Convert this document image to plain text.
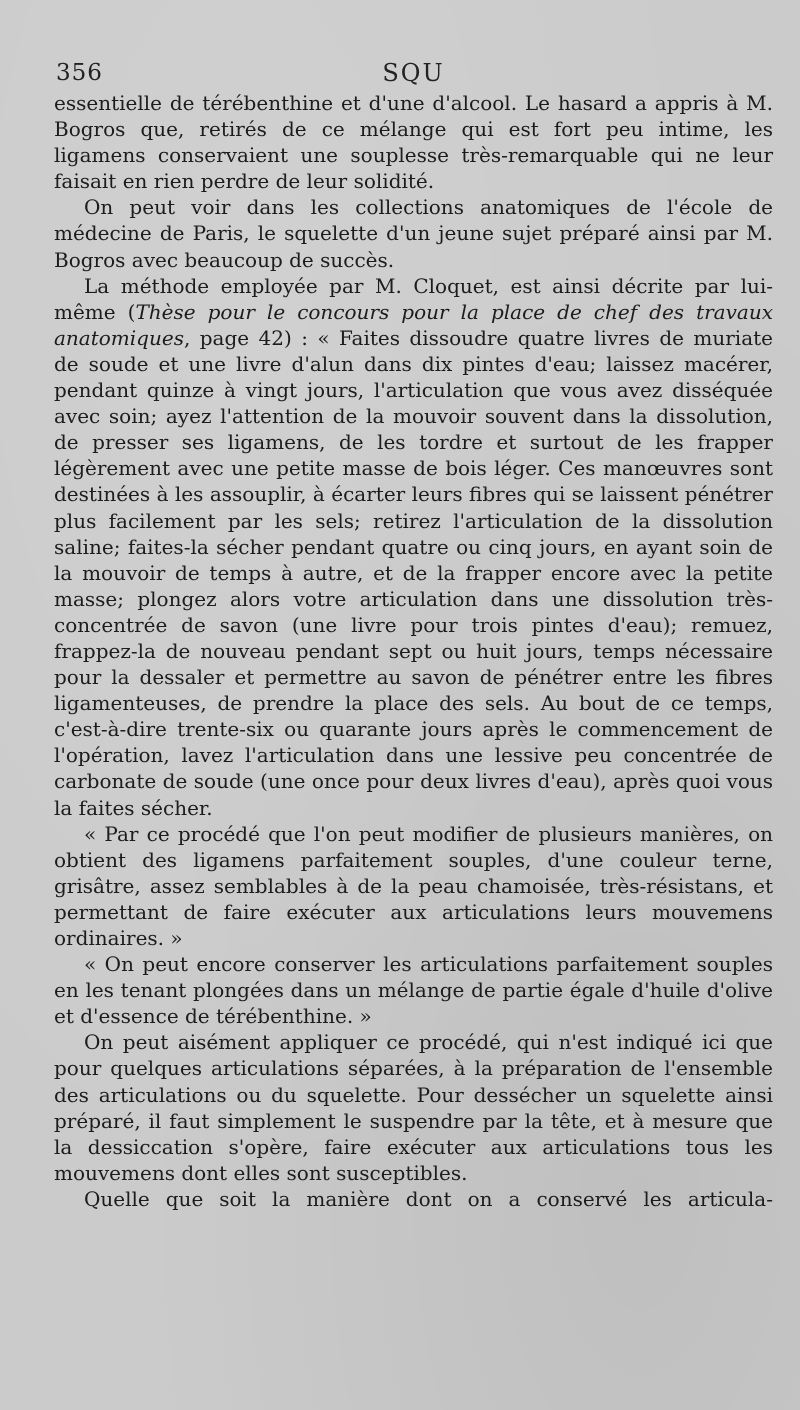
356	SQU

essentielle de térébenthine et d'une d'alcool. Le hasard a appris à M. Bogros que, retirés de ce mélange qui est fort peu intime, les ligamens conservaient une souplesse très-remarquable qui ne leur faisait en rien perdre de leur solidité.

On peut voir dans les collections anatomiques de l'école de médecine de Paris, le squelette d'un jeune sujet préparé ainsi par M. Bogros avec beaucoup de succès.

La méthode employée par M. Cloquet, est ainsi décrite par lui-même (Thèse pour le concours pour la place de chef des travaux anatomiques, page 42) : « Faites dissoudre quatre livres de muriate de soude et une livre d'alun dans dix pintes d'eau; laissez macérer, pendant quinze à vingt jours, l'articulation que vous avez disséquée avec soin; ayez l'attention de la mouvoir souvent dans la dissolution, de presser ses ligamens, de les tordre et surtout de les frapper légèrement avec une petite masse de bois léger. Ces manœuvres sont destinées à les assouplir, à écarter leurs fibres qui se laissent pénétrer plus facilement par les sels; retirez l'articulation de la dissolution saline; faites-la sécher pendant quatre ou cinq jours, en ayant soin de la mouvoir de temps à autre, et de la frapper encore avec la petite masse; plongez alors votre articulation dans une dissolution très-concentrée de savon (une livre pour trois pintes d'eau); remuez, frappez-la de nouveau pendant sept ou huit jours, temps nécessaire pour la dessaler et permettre au savon de pénétrer entre les fibres ligamenteuses, de prendre la place des sels. Au bout de ce temps, c'est-à-dire trente-six ou quarante jours après le commencement de l'opération, lavez l'articulation dans une lessive peu concentrée de carbonate de soude (une once pour deux livres d'eau), après quoi vous la faites sécher.

« Par ce procédé que l'on peut modifier de plusieurs manières, on obtient des ligamens parfaitement souples, d'une couleur terne, grisâtre, assez semblables à de la peau chamoisée, très-résistans, et permettant de faire exécuter aux articulations leurs mouvemens ordinaires. »

« On peut encore conserver les articulations parfaitement souples en les tenant plongées dans un mélange de partie égale d'huile d'olive et d'essence de térébenthine. »

On peut aisément appliquer ce procédé, qui n'est indiqué ici que pour quelques articulations séparées, à la préparation de l'ensemble des articulations ou du squelette. Pour dessécher un squelette ainsi préparé, il faut simplement le suspendre par la tête, et à mesure que la dessiccation s'opère, faire exécuter aux articulations tous les mouvemens dont elles sont susceptibles.

Quelle que soit la manière dont on a conservé les articula-
